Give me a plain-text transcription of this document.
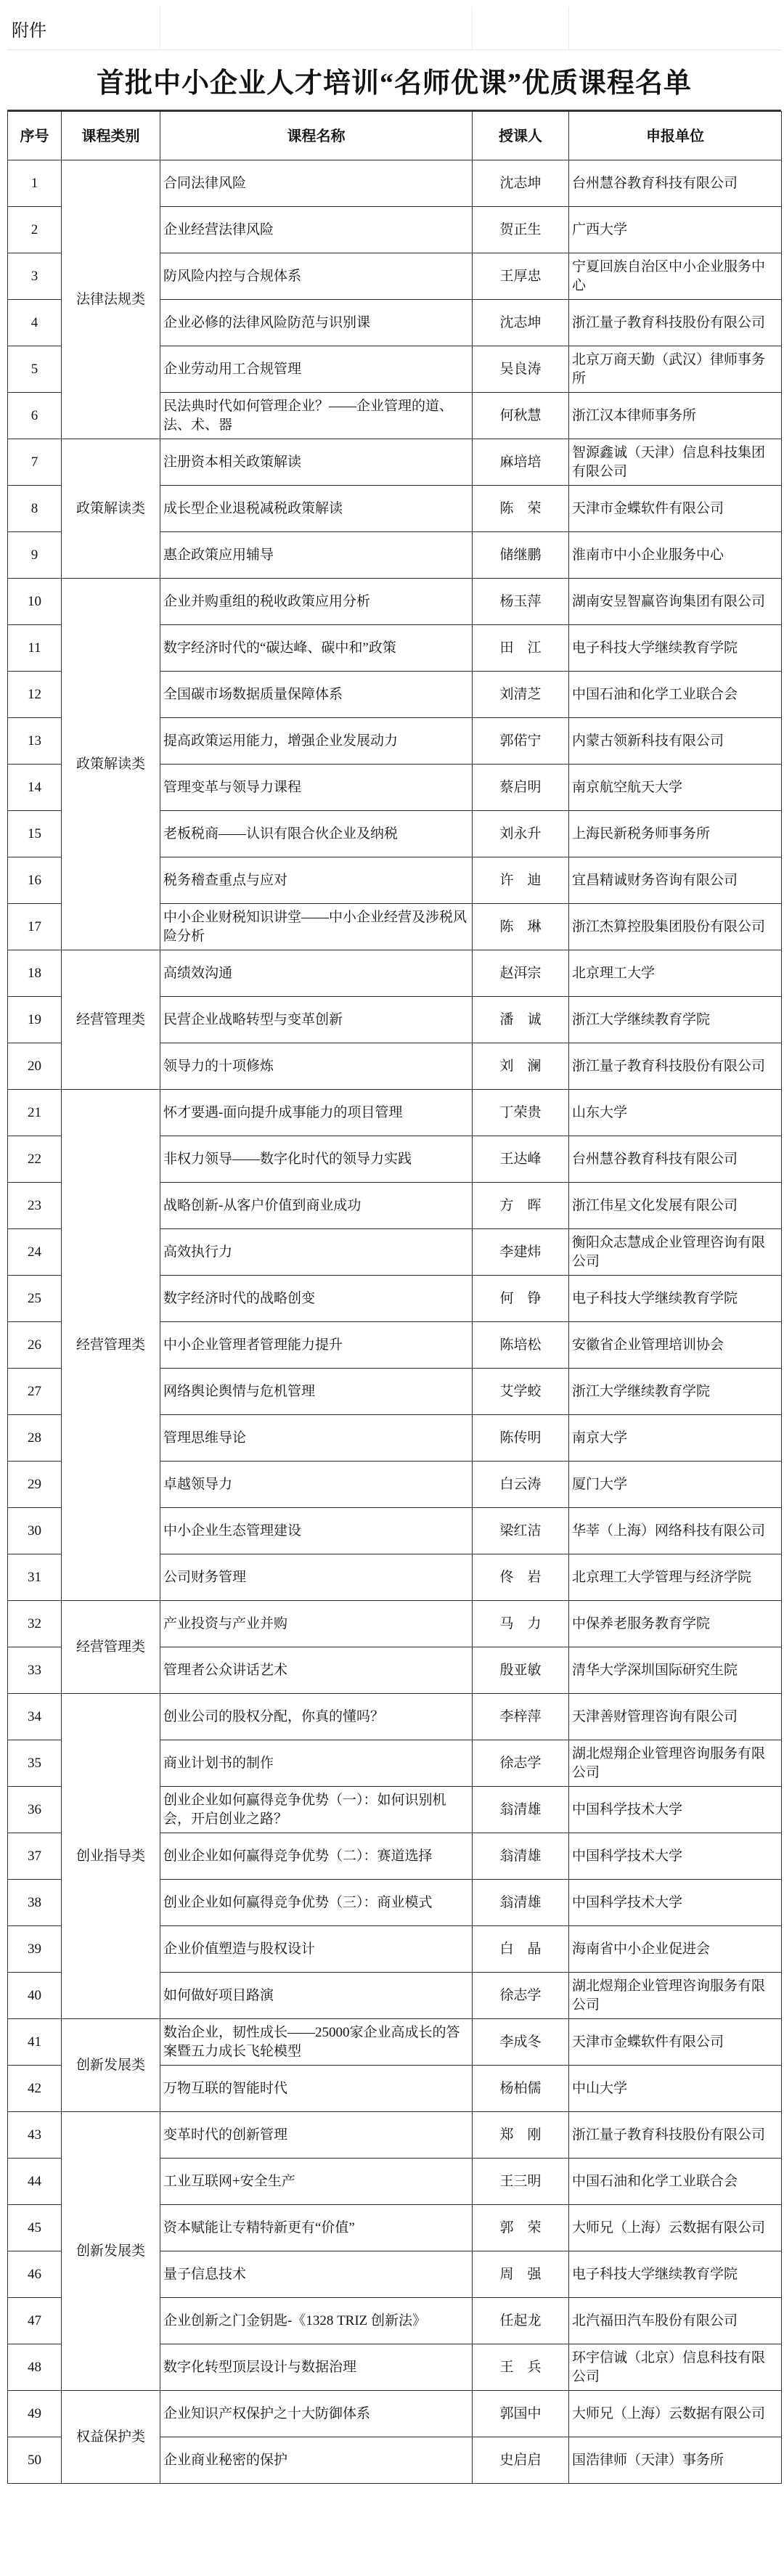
附件
首批中小企业人才培训“名师优课”优质课程名单
序号	课程类别	课程名称	授课人	申报单位
1	法律法规类	合同法律风险	沈志坤	台州慧谷教育科技有限公司
2		企业经营法律风险	贺正生	广西大学
3		防风险内控与合规体系	王厚忠	宁夏回族自治区中小企业服务中心
4		企业必修的法律风险防范与识别课	沈志坤	浙江量子教育科技股份有限公司
5		企业劳动用工合规管理	吴良涛	北京万商天勤（武汉）律师事务所
6		民法典时代如何管理企业？——企业管理的道、法、术、器	何秋慧	浙江汉本律师事务所
7	政策解读类	注册资本相关政策解读	麻培培	智源鑫诚（天津）信息科技集团有限公司
8		成长型企业退税减税政策解读	陈　荣	天津市金蝶软件有限公司
9		惠企政策应用辅导	储继鹏	淮南市中小企业服务中心
10	政策解读类	企业并购重组的税收政策应用分析	杨玉萍	湖南安昱智赢咨询集团有限公司
11		数字经济时代的“碳达峰、碳中和”政策	田　江	电子科技大学继续教育学院
12		全国碳市场数据质量保障体系	刘清芝	中国石油和化学工业联合会
13		提高政策运用能力，增强企业发展动力	郭偌宁	内蒙古领新科技有限公司
14		管理变革与领导力课程	蔡启明	南京航空航天大学
15		老板税商——认识有限合伙企业及纳税	刘永升	上海民新税务师事务所
16		税务稽查重点与应对	许　迪	宜昌精诚财务咨询有限公司
17		中小企业财税知识讲堂——中小企业经营及涉税风险分析	陈　琳	浙江杰算控股集团股份有限公司
18	经营管理类	高绩效沟通	赵洱宗	北京理工大学
19		民营企业战略转型与变革创新	潘　诚	浙江大学继续教育学院
20		领导力的十项修炼	刘　澜	浙江量子教育科技股份有限公司
21	经营管理类	怀才要遇-面向提升成事能力的项目管理	丁荣贵	山东大学
22		非权力领导——数字化时代的领导力实践	王达峰	台州慧谷教育科技有限公司
23		战略创新-从客户价值到商业成功	方　晖	浙江伟星文化发展有限公司
24		高效执行力	李建炜	衡阳众志慧成企业管理咨询有限公司
25		数字经济时代的战略创变	何　铮	电子科技大学继续教育学院
26		中小企业管理者管理能力提升	陈培松	安徽省企业管理培训协会
27		网络舆论舆情与危机管理	艾学蛟	浙江大学继续教育学院
28		管理思维导论	陈传明	南京大学
29		卓越领导力	白云涛	厦门大学
30		中小企业生态管理建设	梁红洁	华莘（上海）网络科技有限公司
31		公司财务管理	佟　岩	北京理工大学管理与经济学院
32	经营管理类	产业投资与产业并购	马　力	中保养老服务教育学院
33		管理者公众讲话艺术	殷亚敏	清华大学深圳国际研究生院
34	创业指导类	创业公司的股权分配，你真的懂吗？	李梓萍	天津善财管理咨询有限公司
35		商业计划书的制作	徐志学	湖北煜翔企业管理咨询服务有限公司
36		创业企业如何赢得竞争优势（一）：如何识别机会，开启创业之路？	翁清雄	中国科学技术大学
37		创业企业如何赢得竞争优势（二）：赛道选择	翁清雄	中国科学技术大学
38		创业企业如何赢得竞争优势（三）：商业模式	翁清雄	中国科学技术大学
39		企业价值塑造与股权设计	白　晶	海南省中小企业促进会
40		如何做好项目路演	徐志学	湖北煜翔企业管理咨询服务有限公司
41	创新发展类	数治企业，韧性成长——25000家企业高成长的答案暨五力成长飞轮模型	李成冬	天津市金蝶软件有限公司
42		万物互联的智能时代	杨柏儒	中山大学
43	创新发展类	变革时代的创新管理	郑　刚	浙江量子教育科技股份有限公司
44		工业互联网+安全生产	王三明	中国石油和化学工业联合会
45		资本赋能让专精特新更有“价值”	郭　荣	大师兄（上海）云数据有限公司
46		量子信息技术	周　强	电子科技大学继续教育学院
47		企业创新之门金钥匙-《1328 TRIZ 创新法》	任起龙	北汽福田汽车股份有限公司
48		数字化转型顶层设计与数据治理	王　兵	环宇信诚（北京）信息科技有限公司
49	权益保护类	企业知识产权保护之十大防御体系	郭国中	大师兄（上海）云数据有限公司
50		企业商业秘密的保护	史启启	国浩律师（天津）事务所
